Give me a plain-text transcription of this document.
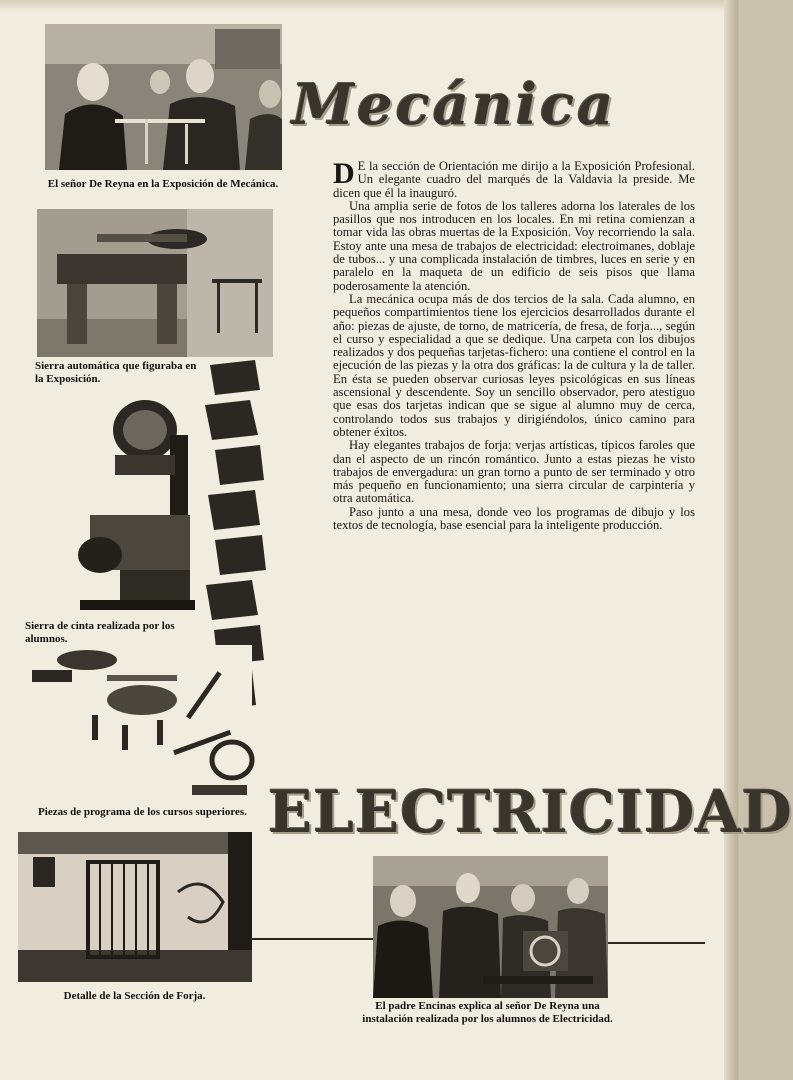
El señor De Reyna en la Exposición de Mecánica.
Sierra automática que figuraba en la Exposición.
Sierra de cinta realizada por los alumnos.
Piezas de programa de los cursos superiores.
Detalle de la Sección de Forja.
Mecánica

D E la sección de Orientación me dirijo a la Exposición Profesional. Un elegante cuadro del marqués de la Valdavia la preside. Me dicen que él la inauguró.

Una amplia serie de fotos de los talleres adorna los laterales de los pasillos que nos introducen en los locales. En mi retina comienzan a tomar vida las obras muertas de la Exposición. Voy recorriendo la sala. Estoy ante una mesa de trabajos de electricidad: electroimanes, doblaje de tubos... y una complicada instalación de timbres, luces en serie y en paralelo en la maqueta de un edificio de seis pisos que llama poderosamente la atención.

La mecánica ocupa más de dos tercios de la sala. Cada alumno, en pequeños compartimientos tiene los ejercicios desarrollados durante el año: piezas de ajuste, de torno, de matricería, de fresa, de forja..., según el curso y especialidad a que se dedique. Una carpeta con los dibujos realizados y dos pequeñas tarjetas-fichero: una contiene el control en la ejecución de las piezas y la otra dos gráficas: la de cultura y la de taller. En ésta se pueden observar curiosas leyes psicológicas en sus líneas ascensional y descendente. Soy un sencillo observador, pero atestiguo que esas dos tarjetas indican que se sigue al alumno muy de cerca, controlando todos sus trabajos y dirigiéndolos, único camino para obtener éxitos.

Hay elegantes trabajos de forja: verjas artísticas, típicos faroles que dan el aspecto de un rincón romántico. Junto a estas piezas he visto trabajos de envergadura: un gran torno a punto de ser terminado y otro más pequeño en funcionamiento; una sierra circular de carpintería y otra automática.

Paso junto a una mesa, donde veo los programas de dibujo y los textos de tecnología, base esencial para la inteligente producción.

ELECTRICIDAD
El padre Encinas explica al señor De Reyna una instalación realizada por los alumnos de Electricidad.
